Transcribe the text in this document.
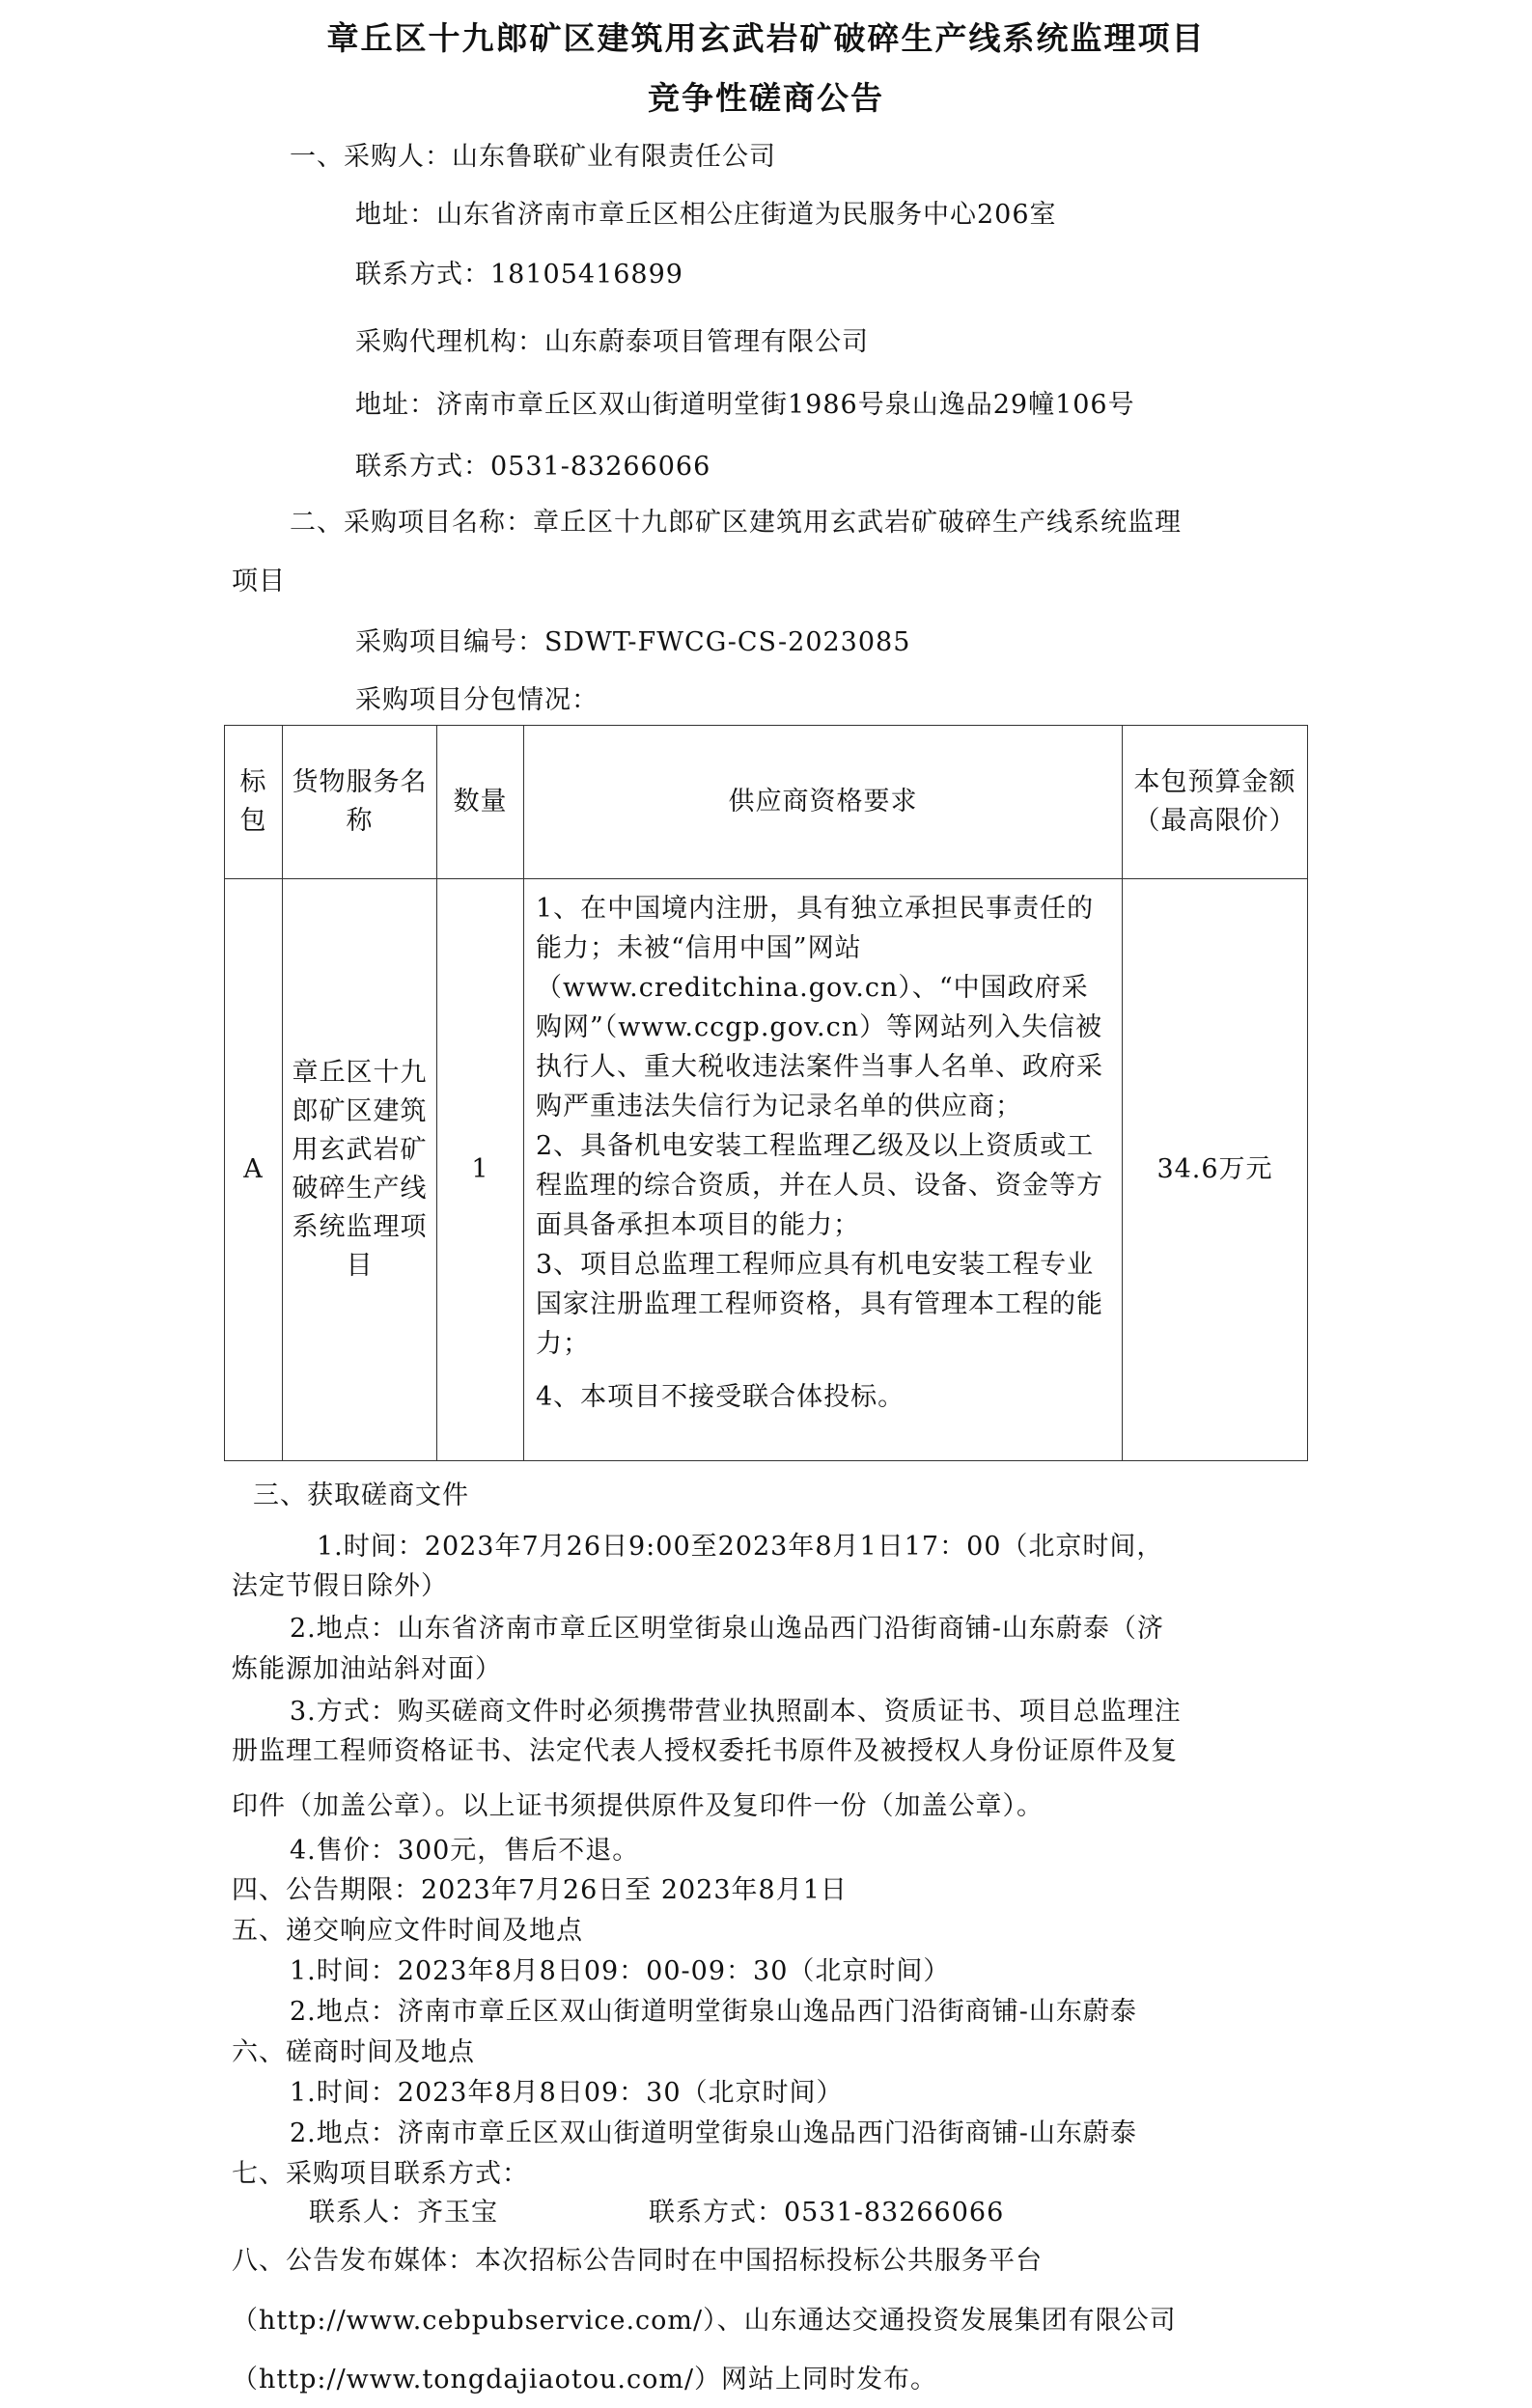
章丘区十九郎矿区建筑用玄武岩矿破碎生产线系统监理项目
竞争性磋商公告
一、采购人：山东鲁联矿业有限责任公司
地址：山东省济南市章丘区相公庄街道为民服务中心206室
联系方式：18105416899
采购代理机构：山东蔚泰项目管理有限公司
地址：济南市章丘区双山街道明堂街1986号泉山逸品29幢106号
联系方式：0531-83266066
二、采购项目名称：章丘区十九郎矿区建筑用玄武岩矿破碎生产线系统监理
项目
采购项目编号：SDWT-FWCG-CS-2023085
采购项目分包情况：
标包	货物服务名称	数量	供应商资格要求	本包预算金额（最高限价）
A	章丘区十九郎矿区建筑用玄武岩矿破碎生产线系统监理项目	1	1、在中国境内注册，具有独立承担民事责任的能力；未被“信用中国”网站（www.creditchina.gov.cn）、“中国政府采购网”（www.ccgp.gov.cn）等网站列入失信被执行人、重大税收违法案件当事人名单、政府采购严重违法失信行为记录名单的供应商；

2、具备机电安装工程监理乙级及以上资质或工程监理的综合资质，并在人员、设备、资金等方面具备承担本项目的能力；

3、项目总监理工程师应具有机电安装工程专业国家注册监理工程师资格，具有管理本工程的能力；

4、本项目不接受联合体投标。	34.6万元
三、获取磋商文件
1.时间：2023年7月26日9:00至2023年8月1日17：00（北京时间，
法定节假日除外）
2.地点：山东省济南市章丘区明堂街泉山逸品西门沿街商铺-山东蔚泰（济
炼能源加油站斜对面）
3.方式：购买磋商文件时必须携带营业执照副本、资质证书、项目总监理注
册监理工程师资格证书、法定代表人授权委托书原件及被授权人身份证原件及复
印件（加盖公章）。以上证书须提供原件及复印件一份（加盖公章）。
4.售价：300元，售后不退。
四、公告期限：2023年7月26日至 2023年8月1日
五、递交响应文件时间及地点
1.时间：2023年8月8日09：00-09：30（北京时间）
2.地点：济南市章丘区双山街道明堂街泉山逸品西门沿街商铺-山东蔚泰
六、磋商时间及地点
1.时间：2023年8月8日09：30（北京时间）
2.地点：济南市章丘区双山街道明堂街泉山逸品西门沿街商铺-山东蔚泰
七、采购项目联系方式：
联系人：齐玉宝	联系方式：0531-83266066
八、公告发布媒体：本次招标公告同时在中国招标投标公共服务平台
（http://www.cebpubservice.com/）、山东通达交通投资发展集团有限公司
（http://www.tongdajiaotou.com/）网站上同时发布。
